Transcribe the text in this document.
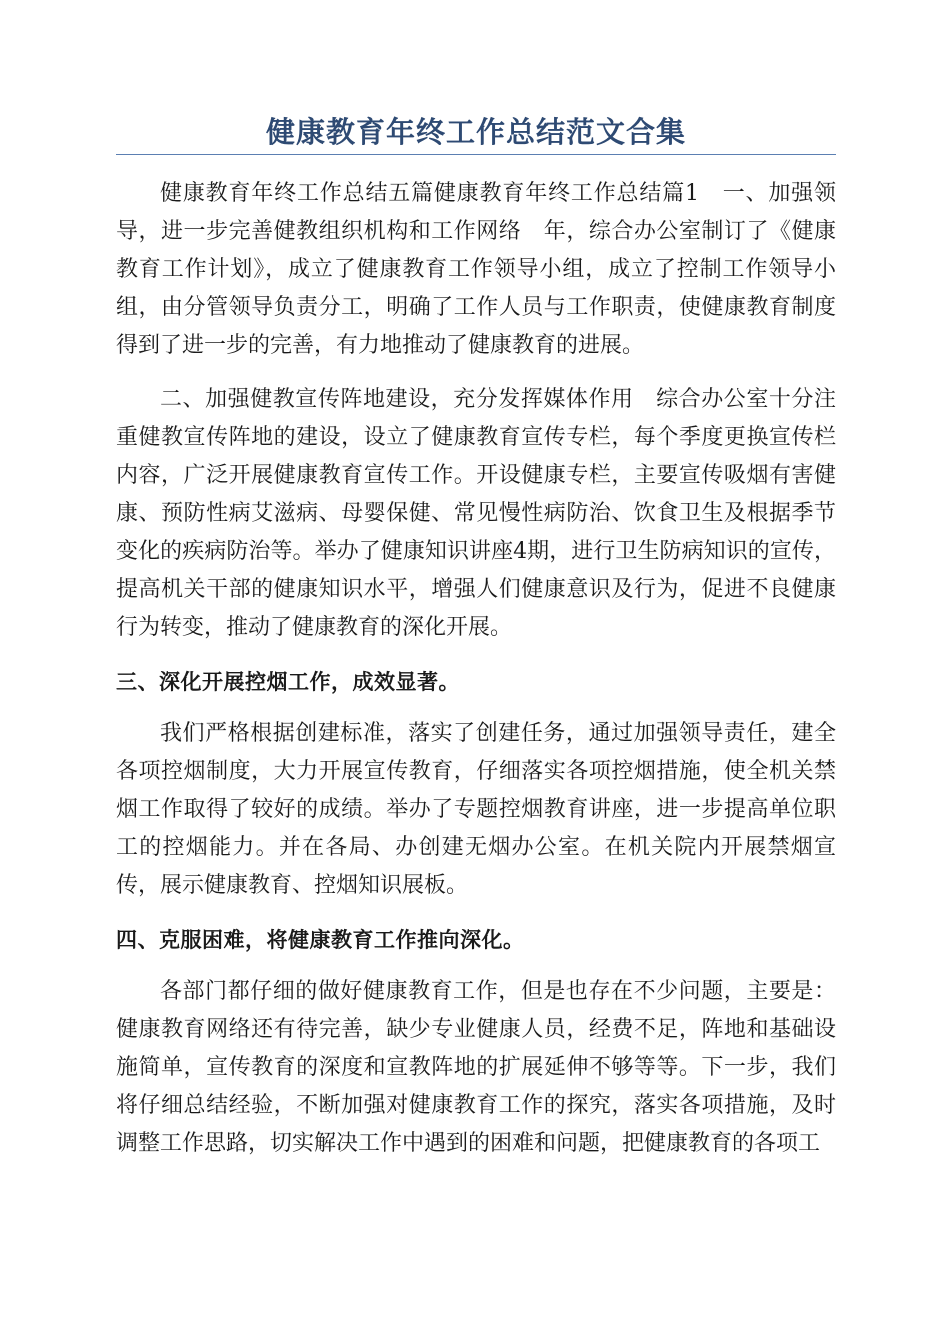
健康教育年终工作总结范文合集

健康教育年终工作总结五篇健康教育年终工作总结篇1　一、加强领导，进一步完善健教组织机构和工作网络　年，综合办公室制订了《健康教育工作计划》，成立了健康教育工作领导小组，成立了控制工作领导小组，由分管领导负责分工，明确了工作人员与工作职责，使健康教育制度得到了进一步的完善，有力地推动了健康教育的进展。

二、加强健教宣传阵地建设，充分发挥媒体作用　综合办公室十分注重健教宣传阵地的建设，设立了健康教育宣传专栏，每个季度更换宣传栏内容，广泛开展健康教育宣传工作。开设健康专栏，主要宣传吸烟有害健康、预防性病艾滋病、母婴保健、常见慢性病防治、饮食卫生及根据季节变化的疾病防治等。举办了健康知识讲座4期，进行卫生防病知识的宣传，提高机关干部的健康知识水平，增强人们健康意识及行为，促进不良健康行为转变，推动了健康教育的深化开展。

三、深化开展控烟工作，成效显著。

我们严格根据创建标准，落实了创建任务，通过加强领导责任，建全各项控烟制度，大力开展宣传教育，仔细落实各项控烟措施，使全机关禁烟工作取得了较好的成绩。举办了专题控烟教育讲座，进一步提高单位职工的控烟能力。并在各局、办创建无烟办公室。在机关院内开展禁烟宣传，展示健康教育、控烟知识展板。

四、克服困难，将健康教育工作推向深化。

各部门都仔细的做好健康教育工作，但是也存在不少问题，主要是：健康教育网络还有待完善，缺少专业健康人员，经费不足，阵地和基础设施简单，宣传教育的深度和宣教阵地的扩展延伸不够等等。下一步，我们将仔细总结经验，不断加强对健康教育工作的探究，落实各项措施，及时调整工作思路，切实解决工作中遇到的困难和问题，把健康教育的各项工
